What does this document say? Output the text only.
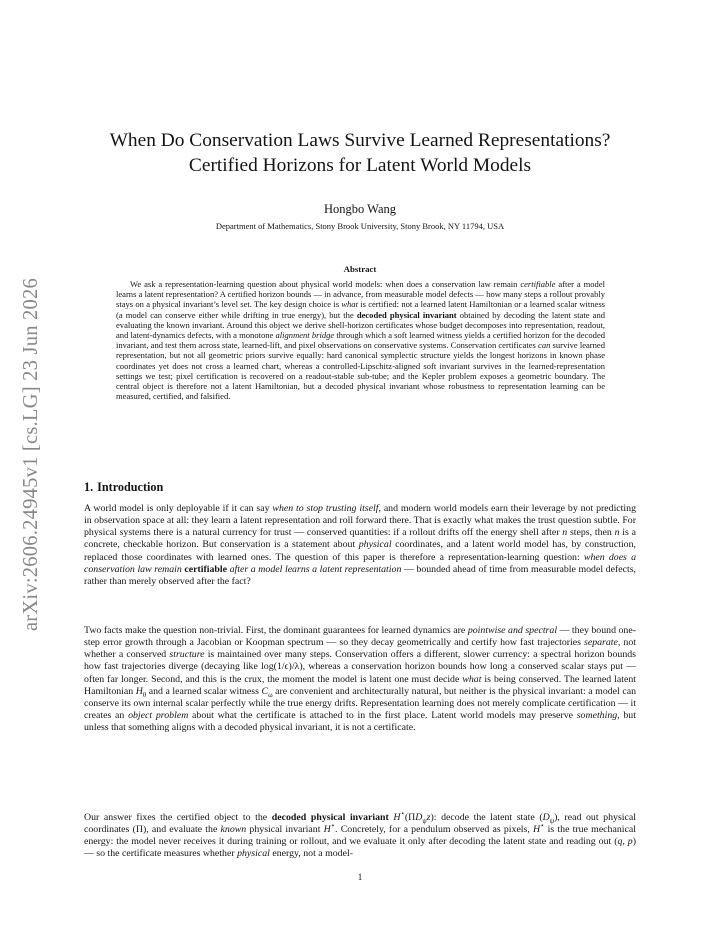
arXiv:2606.24945v1 [cs.LG] 23 Jun 2026
When Do Conservation Laws Survive Learned Representations?
Certified Horizons for Latent World Models
Hongbo Wang
Department of Mathematics, Stony Brook University, Stony Brook, NY 11794, USA
Abstract

We ask a representation-learning question about physical world models: when does a conservation law remain certifiable after a model learns a latent representation? A certified horizon bounds — in advance, from measurable model defects — how many steps a rollout provably stays on a physical invariant’s level set. The key design choice is what is certified: not a learned latent Hamiltonian or a learned scalar witness (a model can conserve either while drifting in true energy), but the decoded physical invariant obtained by decoding the latent state and evaluating the known invariant. Around this object we derive shell-horizon certificates whose budget decomposes into representation, readout, and latent-dynamics defects, with a monotone alignment bridge through which a soft learned witness yields a certified horizon for the decoded invariant, and test them across state, learned-lift, and pixel observations on conservative systems. Conservation certificates can survive learned representation, but not all geometric priors survive equally: hard canonical symplectic structure yields the longest horizons in known phase coordinates yet does not cross a learned chart, whereas a controlled-Lipschitz-aligned soft invariant survives in the learned-representation settings we test; pixel certification is recovered on a readout-stable sub-tube; and the Kepler problem exposes a geometric boundary. The central object is therefore not a latent Hamiltonian, but a decoded physical invariant whose robustness to representation learning can be measured, certified, and falsified.

1. Introduction

A world model is only deployable if it can say when to stop trusting itself, and modern world models earn their leverage by not predicting in observation space at all: they learn a latent representation and roll forward there. That is exactly what makes the trust question subtle. For physical systems there is a natural currency for trust — conserved quantities: if a rollout drifts off the energy shell after n steps, then n is a concrete, checkable horizon. But conservation is a statement about physical coordinates, and a latent world model has, by construction, replaced those coordinates with learned ones. The question of this paper is therefore a representation-learning question: when does a conservation law remain certifiable after a model learns a latent representation — bounded ahead of time from measurable model defects, rather than merely observed after the fact?

Two facts make the question non-trivial. First, the dominant guarantees for learned dynamics are pointwise and spectral — they bound one-step error growth through a Jacobian or Koopman spectrum — so they decay geometrically and certify how fast trajectories separate, not whether a conserved structure is maintained over many steps. Conservation offers a different, slower currency: a spectral horizon bounds how fast trajectories diverge (decaying like log(1/ϵ)/λ), whereas a conservation horizon bounds how long a conserved scalar stays put — often far longer. Second, and this is the crux, the moment the model is latent one must decide what is being conserved. The learned latent Hamiltonian $H_\theta$ and a learned scalar witness $C_\omega$ are convenient and architecturally natural, but neither is the physical invariant: a model can conserve its own internal scalar perfectly while the true energy drifts. Representation learning does not merely complicate certification — it creates an object problem about what the certificate is attached to in the first place. Latent world models may preserve something, but unless that something aligns with a decoded physical invariant, it is not a certificate.

Our answer fixes the certified object to the decoded physical invariant $H^⋆(\Pi D_\psi z)$: decode the latent state $(D_\psi)$, read out physical coordinates (Π), and evaluate the known physical invariant H⋆. Concretely, for a pendulum observed as pixels, H⋆ is the true mechanical energy: the model never receives it during training or rollout, and we evaluate it only after decoding the latent state and reading out (q, p) — so the certificate measures whether physical energy, not a model-

1
